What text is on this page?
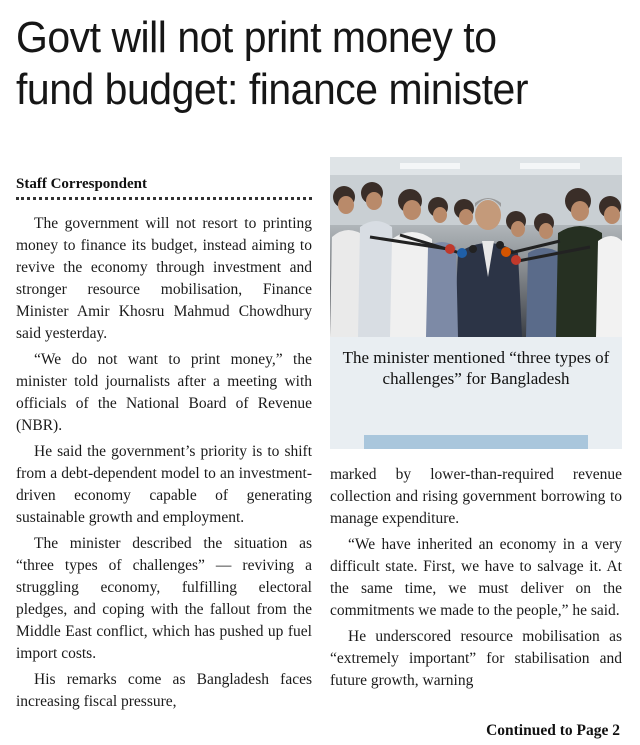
Govt will not print money to fund budget: finance minister
Staff Correspondent

The government will not resort to printing money to finance its budget, instead aiming to revive the economy through investment and stronger resource mobilisation, Finance Minister Amir Khosru Mahmud Chowdhury said yesterday.

“We do not want to print money,” the minister told journalists after a meeting with officials of the National Board of Revenue (NBR).

He said the government’s priority is to shift from a debt-dependent model to an investment-driven economy capable of generating sustainable growth and employment.

The minister described the situation as “three types of challenges” — reviving a struggling economy, fulfilling electoral pledges, and coping with the fallout from the Middle East conflict, which has pushed up fuel import costs.

His remarks come as Bangladesh faces increasing fiscal pressure,

The minister mentioned “three types of challenges” for Bangladesh

marked by lower-than-required revenue collection and rising government borrowing to manage expenditure.

“We have inherited an economy in a very difficult state. First, we have to salvage it. At the same time, we must deliver on the commitments we made to the people,” he said.

He underscored resource mobilisation as “extremely important” for stabilisation and future growth, warning

Continued to Page 2
